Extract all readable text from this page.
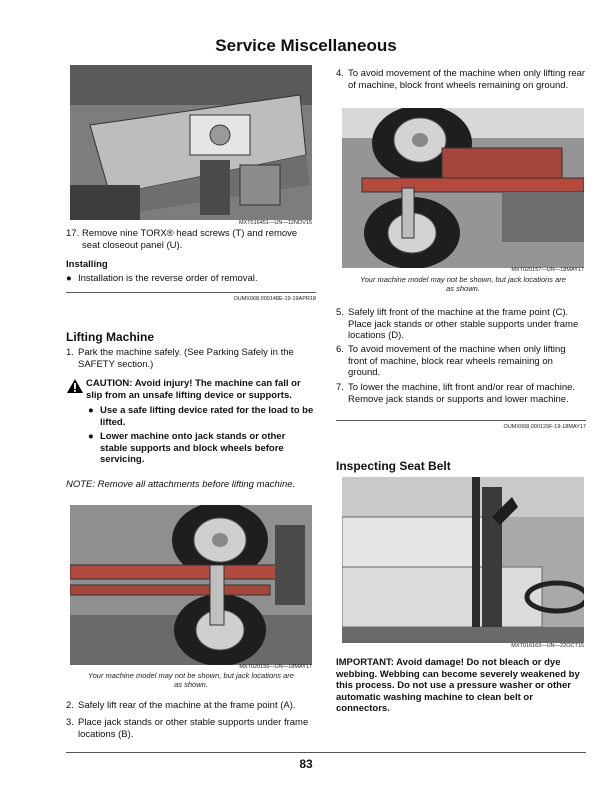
Service Miscellaneous
MXT016451—UN—12NOV15
17. Remove nine TORX® head screws (T) and remove seat closeout panel (U).
Installing
● Installation is the reverse order of removal.
OUMX068,000148E-19-19APR18
Lifting Machine
1. Park the machine safely. (See Parking Safely in the SAFETY section.)
CAUTION: Avoid injury! The machine can fall or slip from an unsafe lifting device or supports.
● Use a safe lifting device rated for the load to be lifted.
● Lower machine onto jack stands or other stable supports and block wheels before servicing.
NOTE: Remove all attachments before lifting machine.
MXT020156—UN—18MAY17
Your machine model may not be shown, but jack locations are as shown.
2. Safely lift rear of the machine at the frame point (A).
3. Place jack stands or other stable supports under frame locations (B).
4. To avoid movement of the machine when only lifting rear of machine, block front wheels remaining on ground.
MXT020157—UN—18MAY17
Your machine model may not be shown, but jack locations are as shown.
5. Safely lift front of the machine at the frame point (C). Place jack stands or other stable supports under frame locations (D).
6. To avoid movement of the machine when only lifting front of machine, block rear wheels remaining on ground.
7. To lower the machine, lift front and/or rear of machine. Remove jack stands or supports and lower machine.
OUMX068,000129F-19-18MAY17
Inspecting Seat Belt
MXT016163—UN—22OCT15
IMPORTANT: Avoid damage! Do not bleach or dye webbing. Webbing can become severely weakened by this process. Do not use a pressure washer or other automatic washing machine to clean belt or connectors.
83
